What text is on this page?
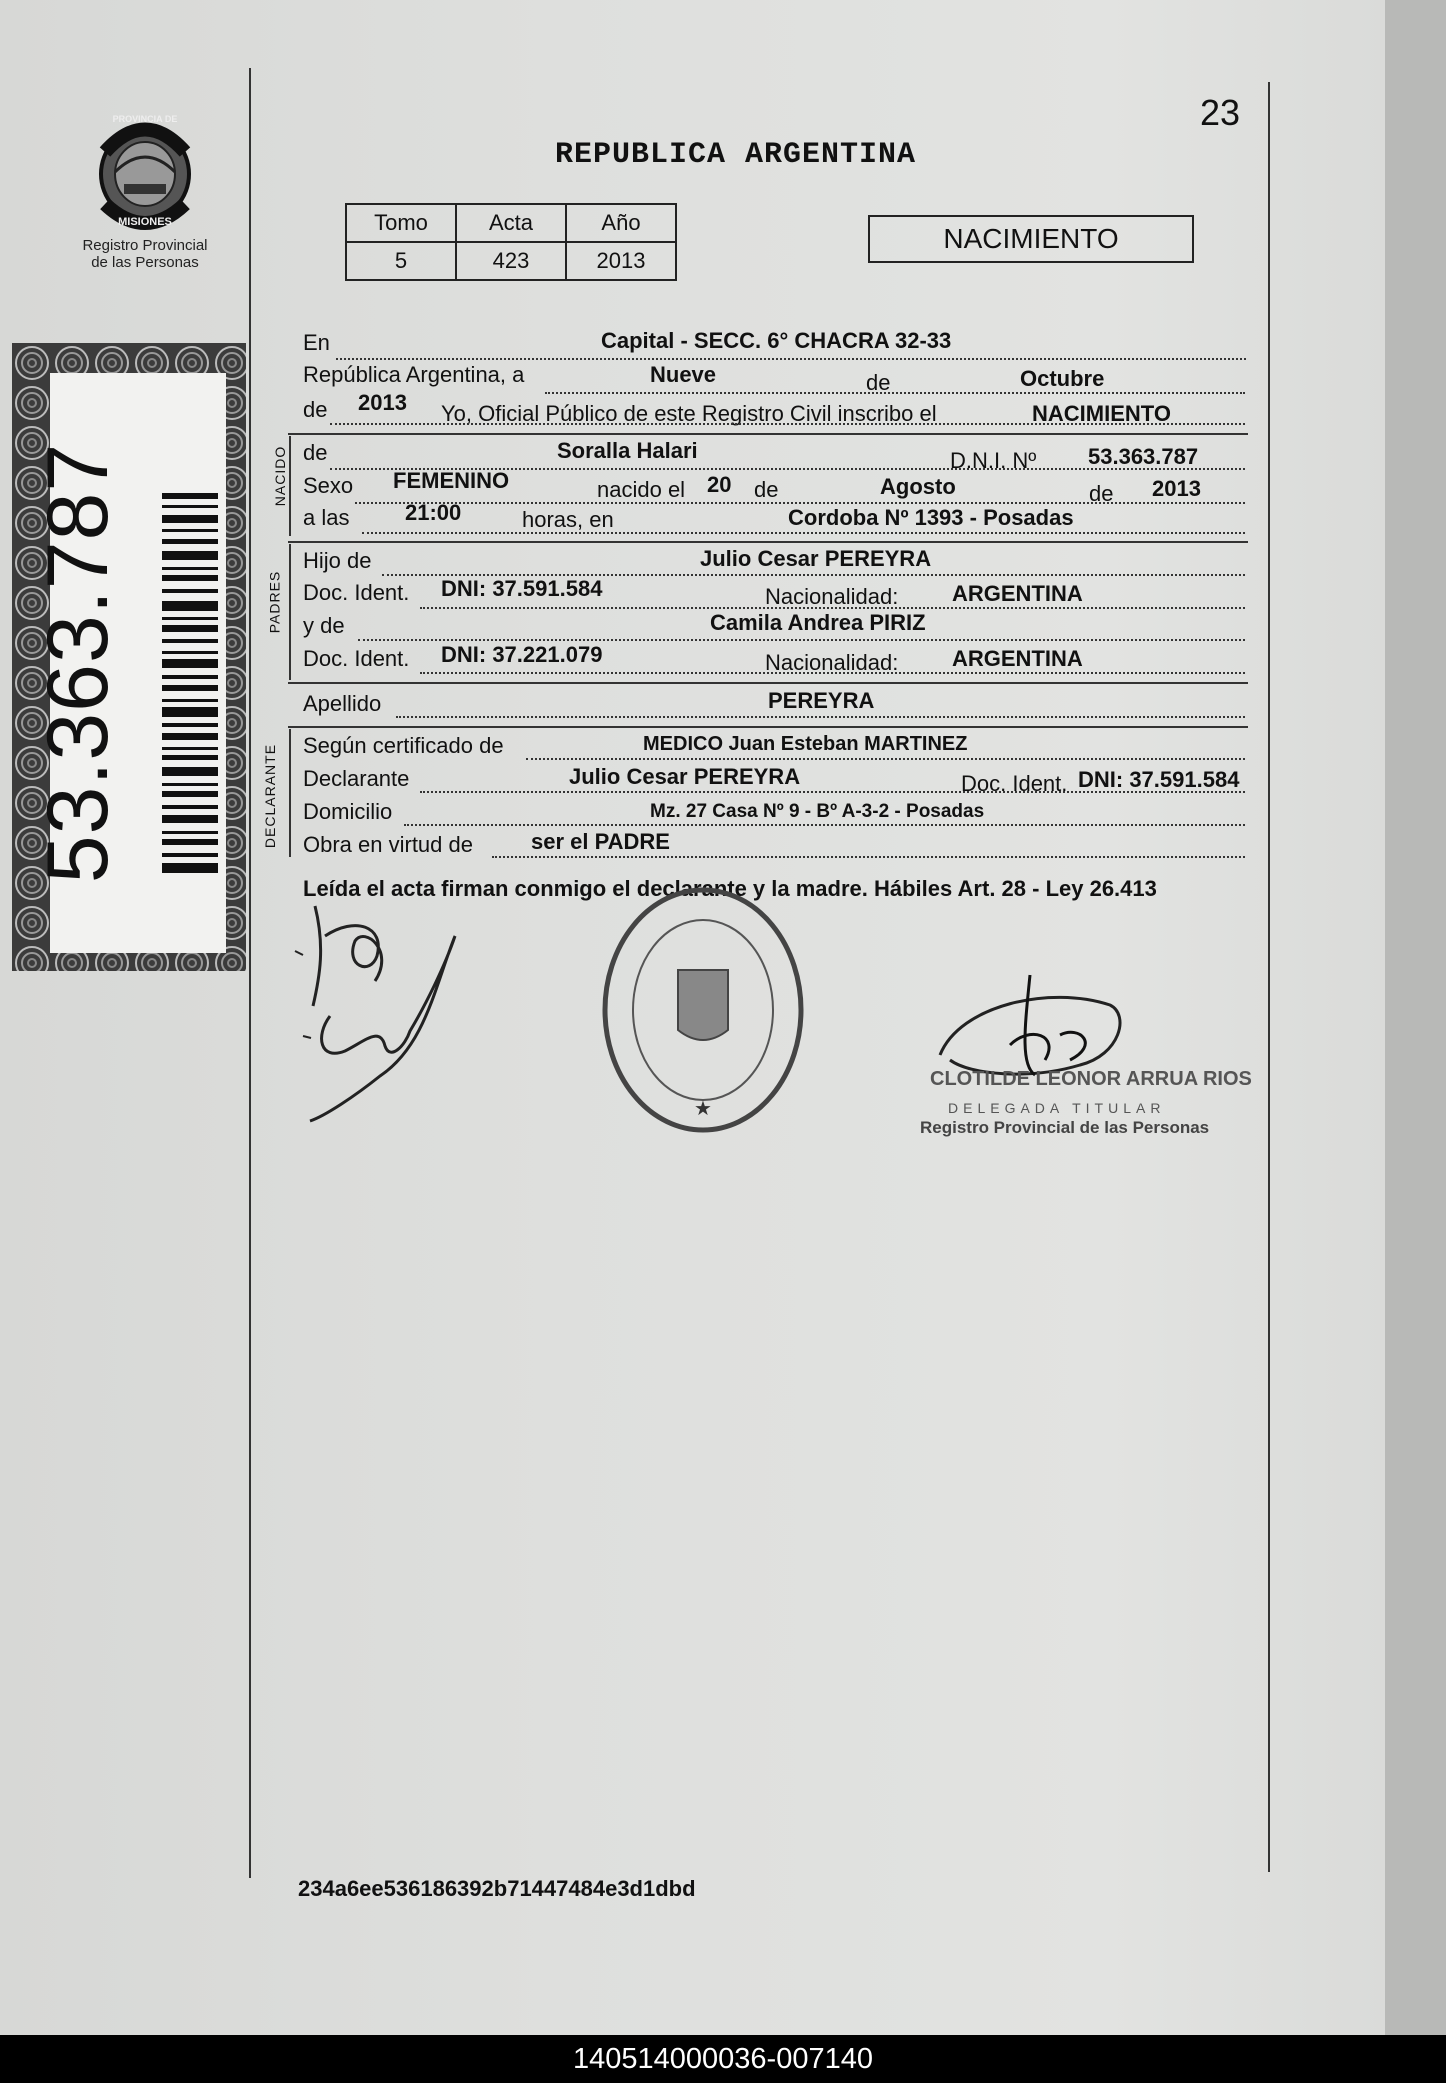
PROVINCIA DE
MISIONES
Registro Provincial
de las Personas
53.363.787
REPUBLICA ARGENTINA
23
Tomo	Acta	Año
5	423	2013
NACIMIENTO
En	Capital - SECC. 6° CHACRA 32-33
República Argentina, a	Nueve	de	Octubre
de 2013 Yo, Oficial Público de este Registro Civil inscribo el	NACIMIENTO
NACIDO de	Soralla Halari	D.N.I. Nº 53.363.787
Sexo FEMENINO	nacido el 20 de	Agosto	de 2013
a las	21:00	horas, en	Cordoba Nº 1393 - Posadas
PADRES
Hijo de	Julio Cesar PEREYRA
Doc. Ident. DNI: 37.591.584	Nacionalidad: ARGENTINA
y de	Camila Andrea PIRIZ
Doc. Ident. DNI: 37.221.079	Nacionalidad: ARGENTINA
Apellido	PEREYRA
DECLARANTE Según certificado de	MEDICO Juan Esteban MARTINEZ
Declarante	Julio Cesar PEREYRA	Doc. Ident. DNI: 37.591.584
Domicilio	Mz. 27 Casa Nº 9 - Bº A-3-2 - Posadas
Obra en virtud de	ser el PADRE
Leída el acta firman conmigo el declarante y la madre. Hábiles Art. 28 - Ley 26.413
★
CLOTILDE LEONOR ARRUA RIOS
DELEGADA TITULAR
Registro Provincial de las Personas
234a6ee536186392b71447484e3d1dbd
140514000036-007140
